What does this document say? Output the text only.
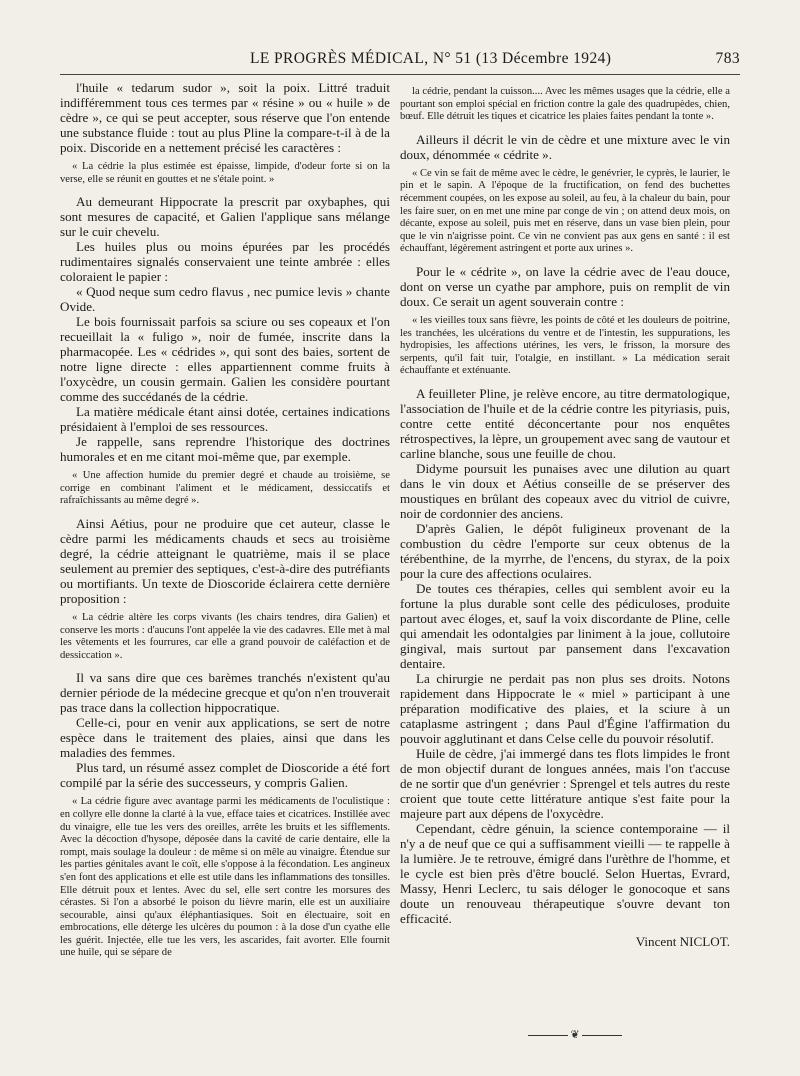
LE PROGRÈS MÉDICAL, N° 51 (13 Décembre 1924)	783

l'huile « tedarum sudor », soit la poix. Littré traduit indifféremment tous ces termes par « résine » ou « huile » de cèdre », ce qui se peut accepter, sous réserve que l'on entende une substance fluide : tout au plus Pline la compare-t-il à de la poix. Discoride en a nettement précisé les caractères :

« La cédrie la plus estimée est épaisse, limpide, d'odeur forte si on la verse, elle se réunit en gouttes et ne s'étale point. »

Au demeurant Hippocrate la prescrit par oxybaphes, qui sont mesures de capacité, et Galien l'applique sans mélange sur le cuir chevelu.

Les huiles plus ou moins épurées par les procédés rudimentaires signalés conservaient une teinte ambrée : elles coloraient le papier :

« Quod neque sum cedro flavus , nec pumice levis » chante Ovide.

Le bois fournissait parfois sa sciure ou ses copeaux et l'on recueillait la « fuligo », noir de fumée, inscrite dans la pharmacopée. Les « cédrides », qui sont des baies, sortent de notre ligne directe : elles appartiennent comme fruits à l'oxycèdre, un cousin germain. Galien les considère pourtant comme des succédanés de la cédrie.

La matière médicale étant ainsi dotée, certaines indications présidaient à l'emploi de ses ressources.

Je rappelle, sans reprendre l'historique des doctrines humorales et en me citant moi-même que, par exemple.

« Une affection humide du premier degré et chaude au troisième, se corrige en combinant l'aliment et le médicament, dessiccatifs et rafraîchissants au même degré ».

Ainsi Aétius, pour ne produire que cet auteur, classe le cèdre parmi les médicaments chauds et secs au troisième degré, la cédrie atteignant le quatrième, mais il se place seulement au premier des septiques, c'est-à-dire des putréfiants ou mortifiants. Un texte de Dioscoride éclairera cette dernière proposition :

« La cédrie altère les corps vivants (les chairs tendres, dira Galien) et conserve les morts : d'aucuns l'ont appelée la vie des cadavres. Elle met à mal les vêtements et les fourrures, car elle a grand pouvoir de caléfaction et de dessiccation ».

Il va sans dire que ces barèmes tranchés n'existent qu'au dernier période de la médecine grecque et qu'on n'en trouverait pas trace dans la collection hippocratique.

Celle-ci, pour en venir aux applications, se sert de notre espèce dans le traitement des plaies, ainsi que dans les maladies des femmes.

Plus tard, un résumé assez complet de Dioscoride a été fort compilé par la série des successeurs, y compris Galien.

« La cédrie figure avec avantage parmi les médicaments de l'oculistique : en collyre elle donne la clarté à la vue, efface taies et cicatrices. Instillée avec du vinaigre, elle tue les vers des oreilles, arrête les bruits et les sifflements. Avec la décoction d'hysope, déposée dans la cavité de carie dentaire, elle la rompt, mais soulage la douleur : de même si on mêle au vinaigre. Étendue sur les parties génitales avant le coït, elle s'oppose à la fécondation. Les angineux s'en font des applications et elle est utile dans les inflammations des tonsilles. Elle détruit poux et lentes. Avec du sel, elle sert contre les morsures des cérastes. Si l'on a absorbé le poison du lièvre marin, elle est un auxiliaire secourable, ainsi qu'aux éléphantiasiques. Soit en électuaire, soit en embrocations, elle déterge les ulcères du poumon : à la dose d'un cyathe elle les guérit. Injectée, elle tue les vers, les ascarides, fait avorter. Elle fournit une huile, qui se sépare de

la cédrie, pendant la cuisson.... Avec les mêmes usages que la cédrie, elle a pourtant son emploi spécial en friction contre la gale des quadrupèdes, chien, bœuf. Elle détruit les tiques et cicatrice les plaies faites pendant la tonte ».

Ailleurs il décrit le vin de cèdre et une mixture avec le vin doux, dénommée « cédrite ».

« Ce vin se fait de même avec le cèdre, le genévrier, le cyprès, le laurier, le pin et le sapin. A l'époque de la fructification, on fend des buchettes récemment coupées, on les expose au soleil, au feu, à la chaleur du bain, pour les faire suer, on en met une mine par conge de vin ; on attend deux mois, on décante, expose au soleil, puis met en réserve, dans un vase bien plein, pour que le vin n'aigrisse point. Ce vin ne convient pas aux gens en santé : il est échauffant, légèrement astringent et porte aux urines ».

Pour le « cédrite », on lave la cédrie avec de l'eau douce, dont on verse un cyathe par amphore, puis on remplit de vin doux. Ce serait un agent souverain contre :

« les vieilles toux sans fièvre, les points de côté et les douleurs de poitrine, les tranchées, les ulcérations du ventre et de l'intestin, les suppurations, les hydropisies, les affections utérines, les vers, le frisson, la morsure des serpents, qu'il fait tuir, l'otalgie, en instillant. » La médication serait échauffante et exténuante.

A feuilleter Pline, je relève encore, au titre dermatologique, l'association de l'huile et de la cédrie contre les pityriasis, puis, contre cette entité déconcertante pour nos enquêtes rétrospectives, la lèpre, un groupement avec sang de vautour et carline blanche, sous une feuille de chou.

Didyme poursuit les punaises avec une dilution au quart dans le vin doux et Aétius conseille de se préserver des moustiques en brûlant des copeaux avec du vitriol de cuivre, noir de cordonnier des anciens.

D'après Galien, le dépôt fuligineux provenant de la combustion du cèdre l'emporte sur ceux obtenus de la térébenthine, de la myrrhe, de l'encens, du styrax, de la poix pour la cure des affections oculaires.

De toutes ces thérapies, celles qui semblent avoir eu la fortune la plus durable sont celle des pédiculoses, produite partout avec éloges, et, sauf la voix discordante de Pline, celle qui amendait les odontalgies par liniment à la joue, collutoire gingival, mais surtout par pansement dans l'excavation dentaire.

La chirurgie ne perdait pas non plus ses droits. Notons rapidement dans Hippocrate le « miel » participant à une préparation modificative des plaies, et la sciure à un cataplasme astringent ; dans Paul d'Égine l'affirmation du pouvoir agglutinant et dans Celse celle du pouvoir résolutif.

Huile de cèdre, j'ai immergé dans tes flots limpides le front de mon objectif durant de longues années, mais l'on t'accuse de ne sortir que d'un genévrier : Sprengel et tels autres du reste croient que toute cette littérature antique s'est faite pour la majeure part aux dépens de l'oxycèdre.

Cependant, cèdre génuin, la science contemporaine — il n'y a de neuf que ce qui a suffisamment vieilli — te rappelle à la lumière. Je te retrouve, émigré dans l'urèthre de l'homme, et le cycle est bien près d'être bouclé. Selon Huertas, Evrard, Massy, Henri Leclerc, tu sais déloger le gonocoque et sans doute un renouveau thérapeutique s'ouvre devant ton efficacité.

Vincent NICLOT.

❦
